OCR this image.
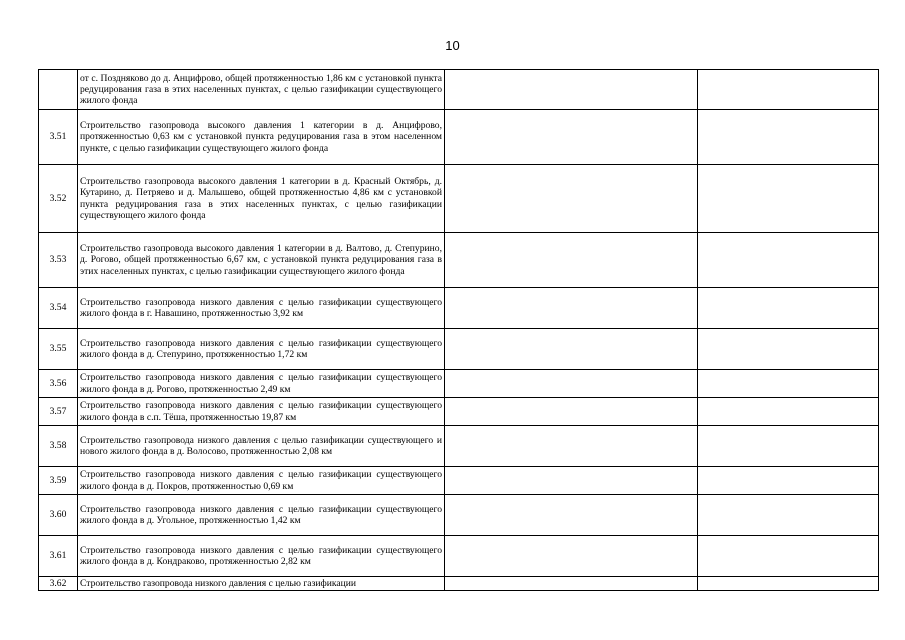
10

	от с. Поздняково до д. Анцифрово, общей протяженностью 1,86 км с установкой пункта редуцирования газа в этих населенных пунктах, с целью газификации существующего жилого фонда		

3.51	Строительство газопровода высокого давления 1 категории в д. Анцифрово, протяженностью 0,63 км с установкой пункта редуцирования газа в этом населенном пункте, с целью газификации существующего жилого фонда		

3.52	Строительство газопровода высокого давления 1 категории в д. Красный Октябрь, д. Кутарино, д. Петряево и д. Малышево, общей протяженностью 4,86 км с установкой пункта редуцирования газа в этих населенных пунктах, с целью газификации существующего жилого фонда		

3.53	Строительство газопровода высокого давления 1 категории в д. Валтово, д. Степурино, д. Рогово, общей протяженностью 6,67 км, с установкой пункта редуцирования газа в этих населенных пунктах, с целью газификации существующего жилого фонда		

3.54	Строительство газопровода низкого давления с целью газификации существующего жилого фонда в г. Навашино, протяженностью 3,92 км		

3.55	Строительство газопровода низкого давления с целью газификации существующего жилого фонда в д. Степурино, протяженностью 1,72 км		

3.56	Строительство газопровода низкого давления с целью газификации существующего жилого фонда в д. Рогово, протяженностью 2,49 км		

3.57	Строительство газопровода низкого давления с целью газификации существующего жилого фонда в с.п. Тёша, протяженностью 19,87 км		

3.58	Строительство газопровода низкого давления с целью газификации существующего и нового жилого фонда в д. Волосово, протяженностью 2,08 км		

3.59	Строительство газопровода низкого давления с целью газификации существующего жилого фонда в д. Покров, протяженностью 0,69 км		

3.60	Строительство газопровода низкого давления с целью газификации существующего жилого фонда в д. Угольное, протяженностью 1,42 км		

3.61	Строительство газопровода низкого давления с целью газификации существующего жилого фонда в д. Кондраково, протяженностью 2,82 км		

3.62	Строительство газопровода низкого давления с целью газификации		
